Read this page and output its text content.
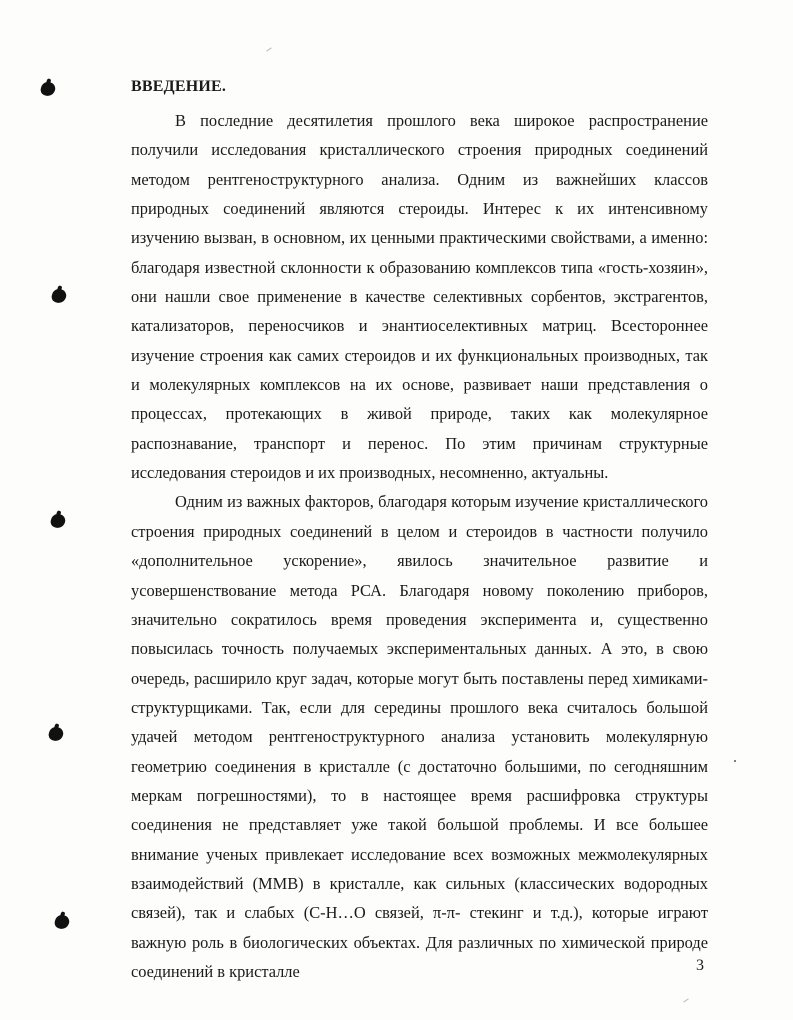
ВВЕДЕНИЕ.

В последние десятилетия прошлого века широкое распространение получили исследования кристаллического строения природных соединений методом рентгеноструктурного анализа. Одним из важнейших классов природных соединений являются стероиды. Интерес к их интенсивному изучению вызван, в основном, их ценными практическими свойствами, а именно: благодаря известной склонности к образованию комплексов типа «гость-хозяин», они нашли свое применение в качестве селективных сорбентов, экстрагентов, катализаторов, переносчиков и энантиоселективных матриц. Всестороннее изучение строения как самих стероидов и их функциональных производных, так и молекулярных комплексов на их основе, развивает наши представления о процессах, протекающих в живой природе, таких как молекулярное распознавание, транспорт и перенос. По этим причинам структурные исследования стероидов и их производных, несомненно, актуальны.

Одним из важных факторов, благодаря которым изучение кристаллического строения природных соединений в целом и стероидов в частности получило «дополнительное ускорение», явилось значительное развитие и усовершенствование метода РСА. Благодаря новому поколению приборов, значительно сократилось время проведения эксперимента и, существенно повысилась точность получаемых экспериментальных данных. А это, в свою очередь, расширило круг задач, которые могут быть поставлены перед химиками-структурщиками. Так, если для середины прошлого века считалось большой удачей методом рентгеноструктурного анализа установить молекулярную геометрию соединения в кристалле (с достаточно большими, по сегодняшним меркам погрешностями), то в настоящее время расшифровка структуры соединения не представляет уже такой большой проблемы. И все большее внимание ученых привлекает исследование всех возможных межмолекулярных взаимодействий (ММВ) в кристалле, как сильных (классических водородных связей), так и слабых (C-H…O связей, π-π- стекинг и т.д.), которые играют важную роль в биологических объектах. Для различных по химической природе соединений в кристалле	3
